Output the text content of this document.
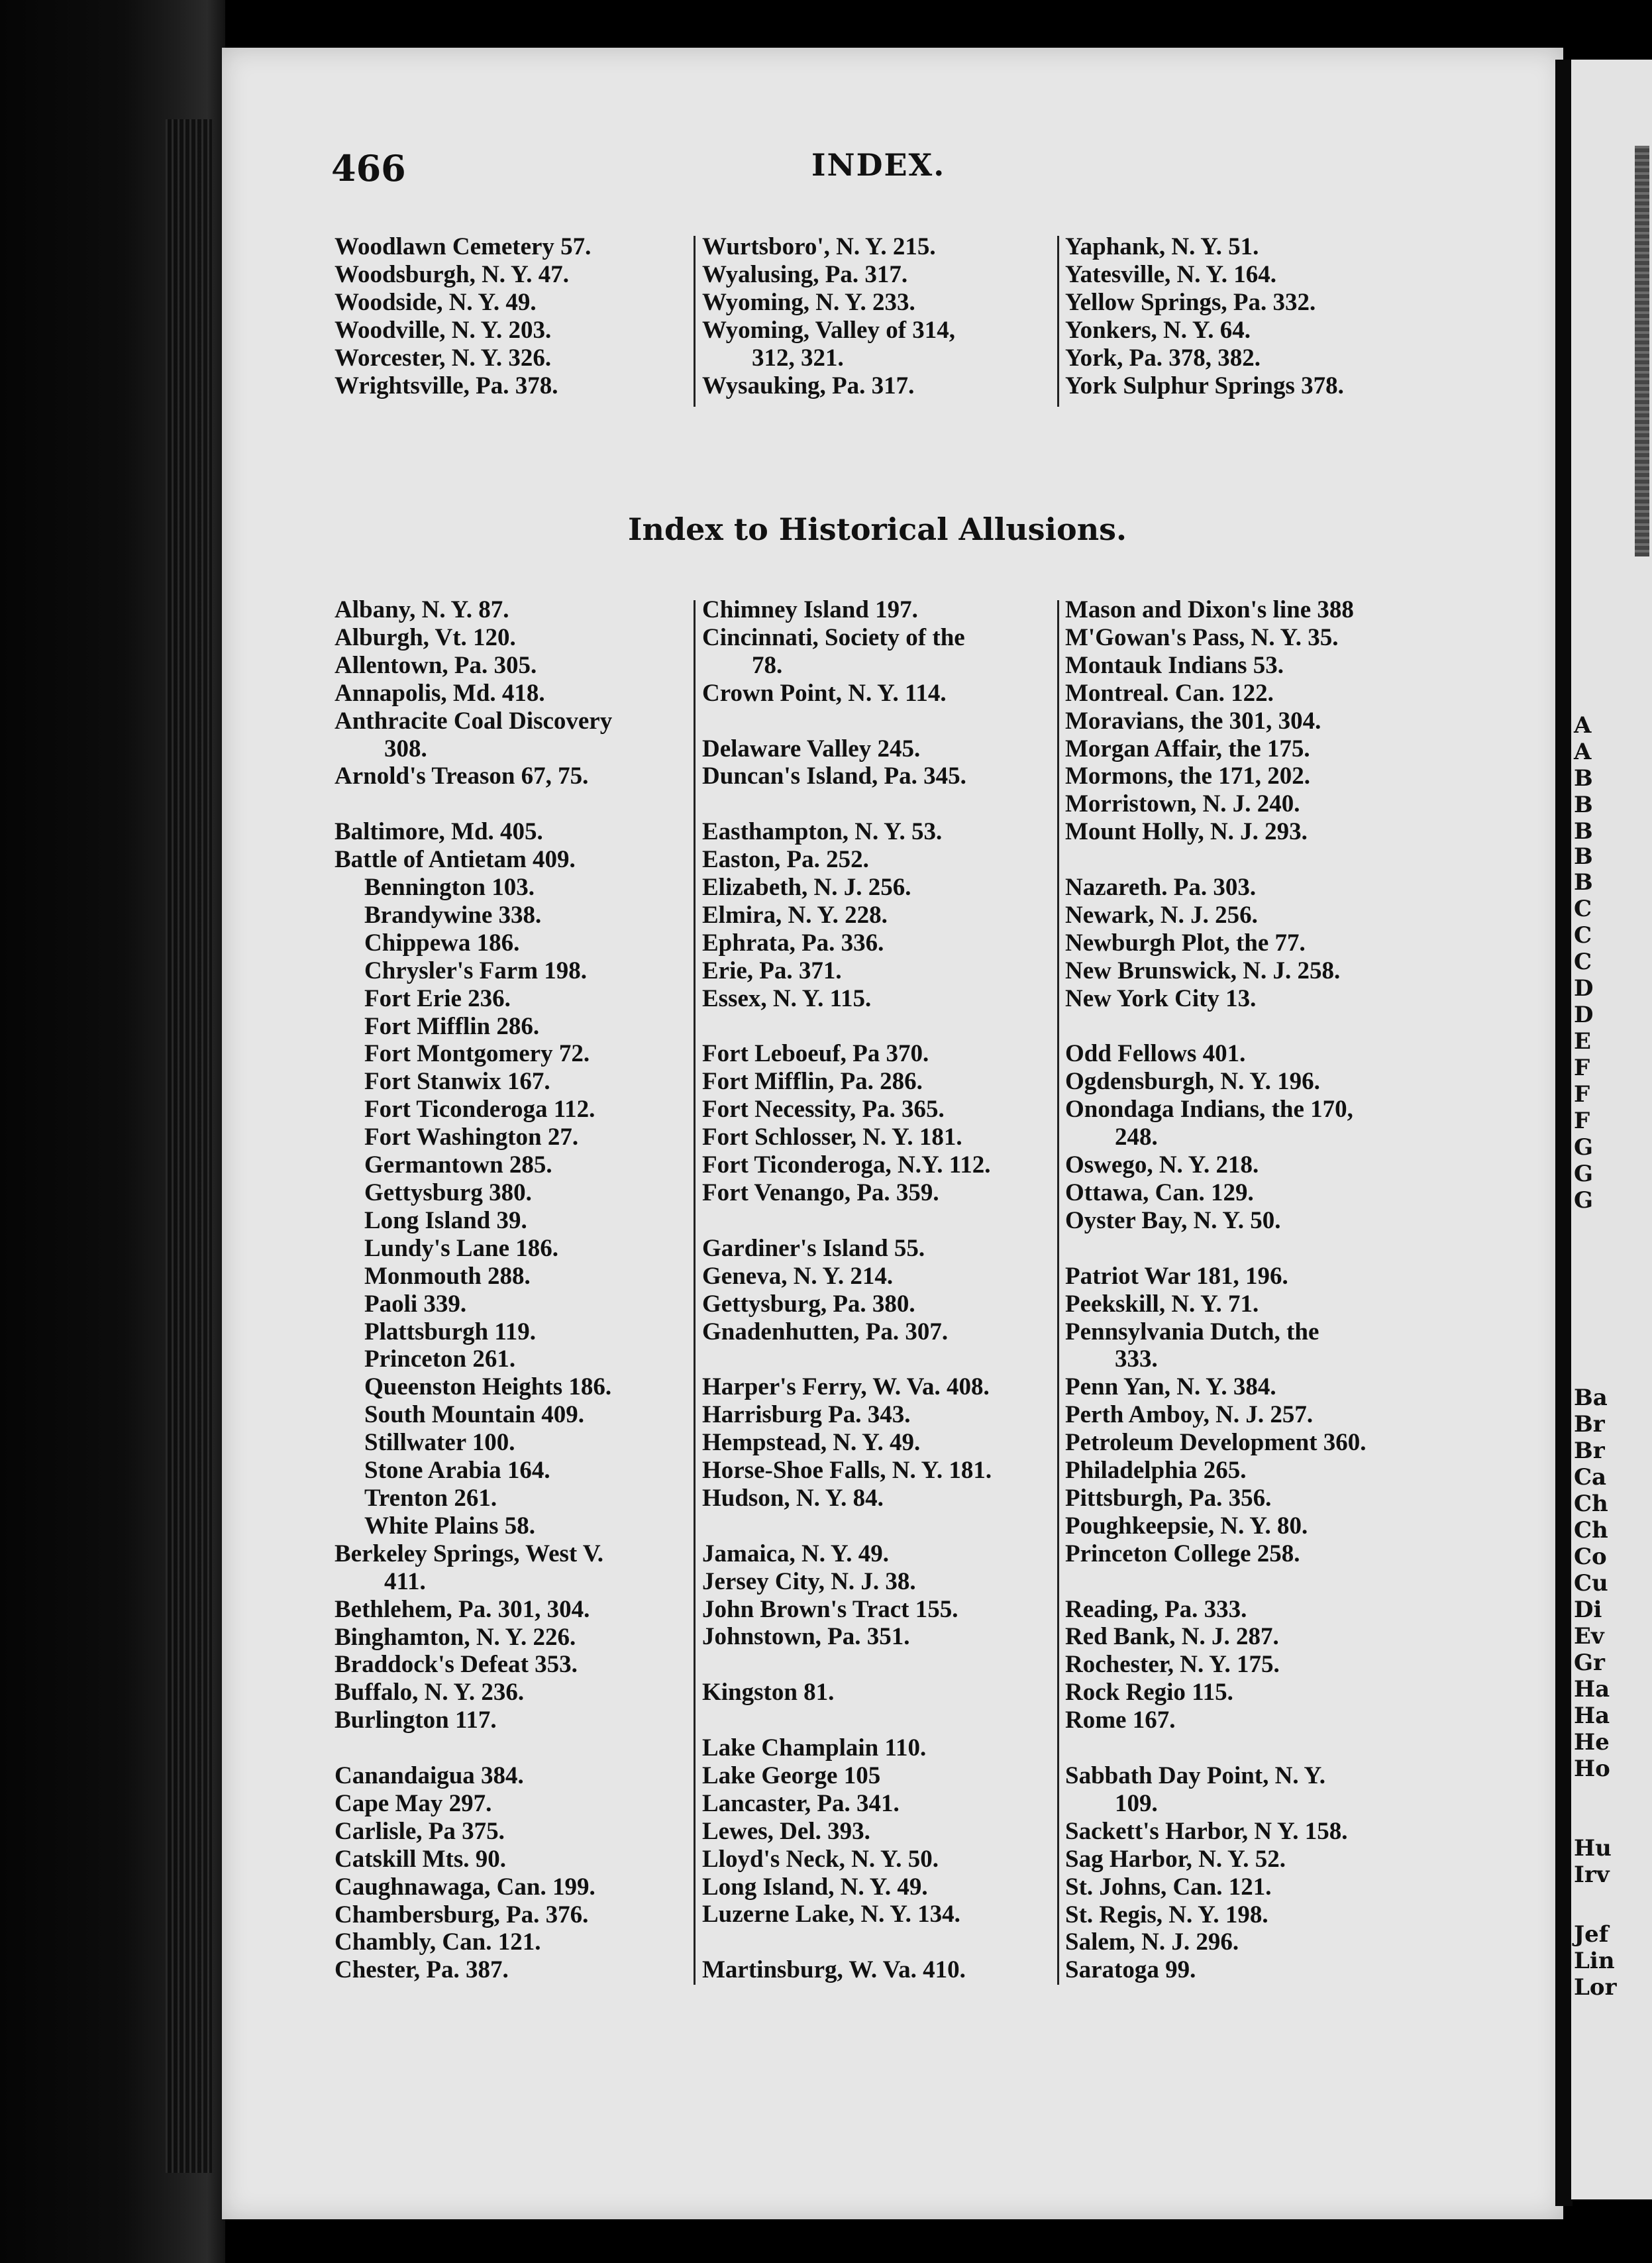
A
A
B
B
B
B
B
C
C
C
D
D
E
F
F
F
G
G
G
Ba
Br
Br
Ca
Ch
Ch
Co
Cu
Di
Ev
Gr
Ha
Ha
He
Ho
Hu
Irv
Jef
Lin
Lor
466	INDEX.
Woodlawn Cemetery 57.
Woodsburgh, N. Y. 47.
Woodside, N. Y. 49.
Woodville, N. Y. 203.
Worcester, N. Y. 326.
Wrightsville, Pa. 378.
Wurtsboro', N. Y. 215.
Wyalusing, Pa. 317.
Wyoming, N. Y. 233.
Wyoming, Valley of 314,
312, 321.
Wysauking, Pa. 317.
Yaphank, N. Y. 51.
Yatesville, N. Y. 164.
Yellow Springs, Pa. 332.
Yonkers, N. Y. 64.
York, Pa. 378, 382.
York Sulphur Springs 378.
Index to Historical Allusions.
Albany, N. Y. 87.
Alburgh, Vt. 120.
Allentown, Pa. 305.
Annapolis, Md. 418.
Anthracite Coal Discovery
308.
Arnold's Treason 67, 75.
Baltimore, Md. 405.
Battle of Antietam 409.
Bennington 103.
Brandywine 338.
Chippewa 186.
Chrysler's Farm 198.
Fort Erie 236.
Fort Mifflin 286.
Fort Montgomery 72.
Fort Stanwix 167.
Fort Ticonderoga 112.
Fort Washington 27.
Germantown 285.
Gettysburg 380.
Long Island 39.
Lundy's Lane 186.
Monmouth 288.
Paoli 339.
Plattsburgh 119.
Princeton 261.
Queenston Heights 186.
South Mountain 409.
Stillwater 100.
Stone Arabia 164.
Trenton 261.
White Plains 58.
Berkeley Springs, West V.
411.
Bethlehem, Pa. 301, 304.
Binghamton, N. Y. 226.
Braddock's Defeat 353.
Buffalo, N. Y. 236.
Burlington 117.
Canandaigua 384.
Cape May 297.
Carlisle, Pa 375.
Catskill Mts. 90.
Caughnawaga, Can. 199.
Chambersburg, Pa. 376.
Chambly, Can. 121.
Chester, Pa. 387.
Chimney Island 197.
Cincinnati, Society of the
78.
Crown Point, N. Y. 114.
Delaware Valley 245.
Duncan's Island, Pa. 345.
Easthampton, N. Y. 53.
Easton, Pa. 252.
Elizabeth, N. J. 256.
Elmira, N. Y. 228.
Ephrata, Pa. 336.
Erie, Pa. 371.
Essex, N. Y. 115.
Fort Leboeuf, Pa 370.
Fort Mifflin, Pa. 286.
Fort Necessity, Pa. 365.
Fort Schlosser, N. Y. 181.
Fort Ticonderoga, N.Y. 112.
Fort Venango, Pa. 359.
Gardiner's Island 55.
Geneva, N. Y. 214.
Gettysburg, Pa. 380.
Gnadenhutten, Pa. 307.
Harper's Ferry, W. Va. 408.
Harrisburg Pa. 343.
Hempstead, N. Y. 49.
Horse-Shoe Falls, N. Y. 181.
Hudson, N. Y. 84.
Jamaica, N. Y. 49.
Jersey City, N. J. 38.
John Brown's Tract 155.
Johnstown, Pa. 351.
Kingston 81.
Lake Champlain 110.
Lake George 105
Lancaster, Pa. 341.
Lewes, Del. 393.
Lloyd's Neck, N. Y. 50.
Long Island, N. Y. 49.
Luzerne Lake, N. Y. 134.
Martinsburg, W. Va. 410.
Mason and Dixon's line 388
M'Gowan's Pass, N. Y. 35.
Montauk Indians 53.
Montreal. Can. 122.
Moravians, the 301, 304.
Morgan Affair, the 175.
Mormons, the 171, 202.
Morristown, N. J. 240.
Mount Holly, N. J. 293.
Nazareth. Pa. 303.
Newark, N. J. 256.
Newburgh Plot, the 77.
New Brunswick, N. J. 258.
New York City 13.
Odd Fellows 401.
Ogdensburgh, N. Y. 196.
Onondaga Indians, the 170,
248.
Oswego, N. Y. 218.
Ottawa, Can. 129.
Oyster Bay, N. Y. 50.
Patriot War 181, 196.
Peekskill, N. Y. 71.
Pennsylvania Dutch, the
333.
Penn Yan, N. Y. 384.
Perth Amboy, N. J. 257.
Petroleum Development 360.
Philadelphia 265.
Pittsburgh, Pa. 356.
Poughkeepsie, N. Y. 80.
Princeton College 258.
Reading, Pa. 333.
Red Bank, N. J. 287.
Rochester, N. Y. 175.
Rock Regio 115.
Rome 167.
Sabbath Day Point, N. Y.
109.
Sackett's Harbor, N Y. 158.
Sag Harbor, N. Y. 52.
St. Johns, Can. 121.
St. Regis, N. Y. 198.
Salem, N. J. 296.
Saratoga 99.
